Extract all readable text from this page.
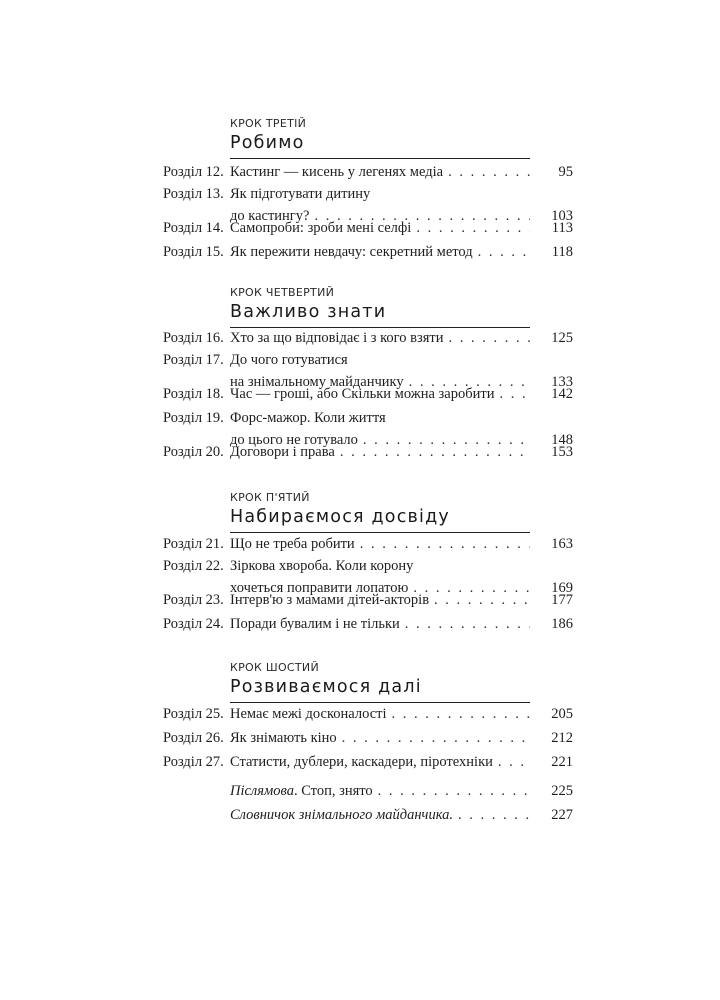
КРОК ТРЕТІЙ
Робимо
Розділ 12. Кастинг — кисень у легенях медіа . . .	95
Розділ 13. Як підготувати дитину
до кастингу? . . .	103
Розділ 14. Самопроби: зроби мені селфі . . .	113
Розділ 15. Як пережити невдачу: секретний метод . . .	118
КРОК ЧЕТВЕРТИЙ
Важливо знати
Розділ 16. Хто за що відповідає і з кого взяти . . .	125
Розділ 17. До чого готуватися
на знімальному майданчику . . .	133
Розділ 18. Час — гроші, або Скільки можна заробити . . .	142
Розділ 19. Форс-мажор. Коли життя
до цього не готувало . . .	148
Розділ 20. Договори і права . . .	153
КРОК П'ЯТИЙ
Набираємося досвіду
Розділ 21. Що не треба робити . . .	163
Розділ 22. Зіркова хвороба. Коли корону
хочеться поправити лопатою . . .	169
Розділ 23. Інтерв'ю з мамами дітей-акторів . . .	177
Розділ 24. Поради бувалим і не тільки . . .	186
КРОК ШОСТИЙ
Розвиваємося далі
Розділ 25. Немає межі досконалості . . .	205
Розділ 26. Як знімають кіно . . .	212
Розділ 27. Статисти, дублери, каскадери, піротехніки . . .	221
Післямова. Стоп, знято . . .	225
Словничок знімального майданчика. . . .	227
